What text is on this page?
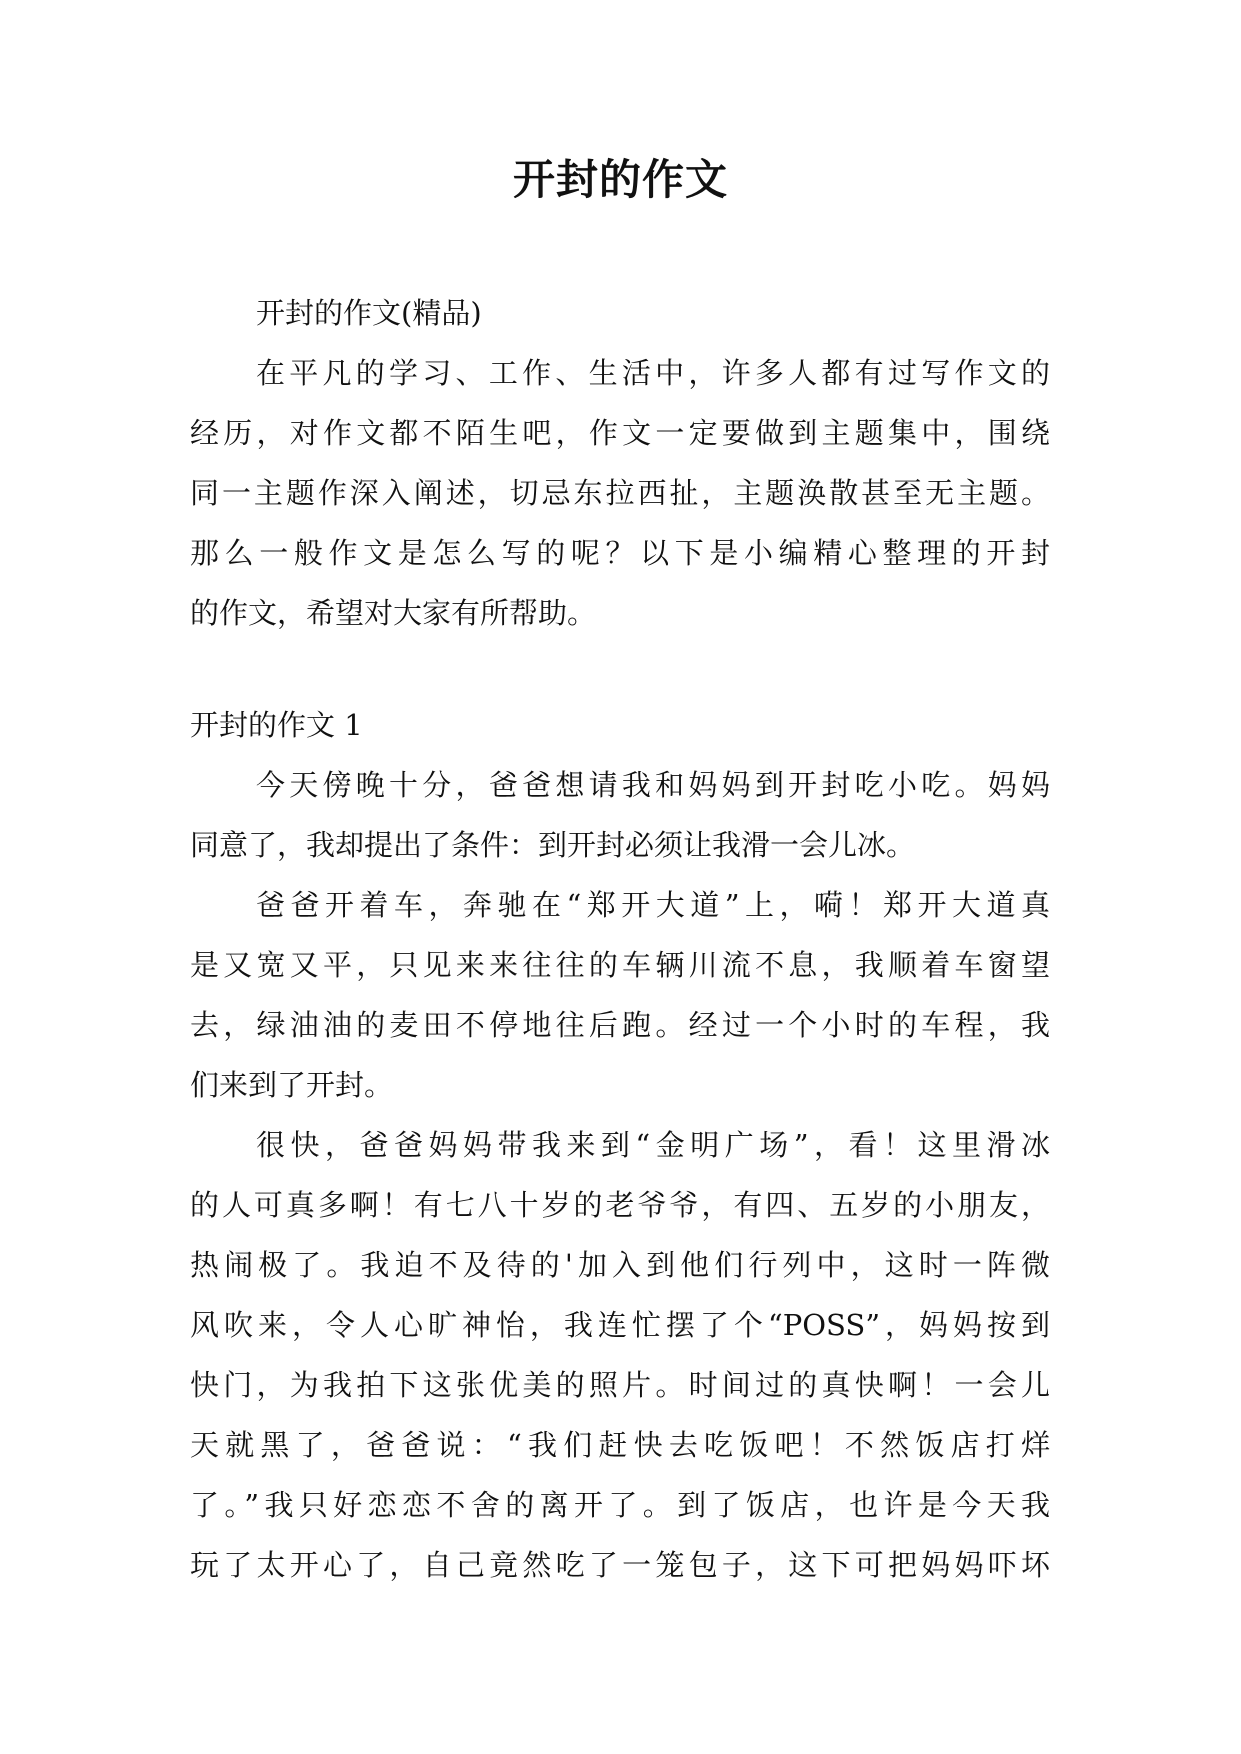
开封的作文
开封的作文(精品)
在平凡的学习、工作、生活中，许多人都有过写作文的
经历，对作文都不陌生吧，作文一定要做到主题集中，围绕
同一主题作深入阐述，切忌东拉西扯，主题涣散甚至无主题。
那么一般作文是怎么写的呢？以下是小编精心整理的开封
的作文，希望对大家有所帮助。
开封的作文 1
今天傍晚十分，爸爸想请我和妈妈到开封吃小吃。妈妈
同意了，我却提出了条件：到开封必须让我滑一会儿冰。
爸爸开着车，奔驰在“郑开大道”上，嗬！郑开大道真
是又宽又平，只见来来往往的车辆川流不息，我顺着车窗望
去，绿油油的麦田不停地往后跑。经过一个小时的车程，我
们来到了开封。
很快，爸爸妈妈带我来到“金明广场”，看！这里滑冰
的人可真多啊！有七八十岁的老爷爷，有四、五岁的小朋友，
热闹极了。我迫不及待的'加入到他们行列中，这时一阵微
风吹来，令人心旷神怡，我连忙摆了个“POSS”，妈妈按到
快门，为我拍下这张优美的照片。时间过的真快啊！一会儿
天就黑了，爸爸说：“我们赶快去吃饭吧！不然饭店打烊
了。”我只好恋恋不舍的离开了。到了饭店，也许是今天我
玩了太开心了，自己竟然吃了一笼包子，这下可把妈妈吓坏
